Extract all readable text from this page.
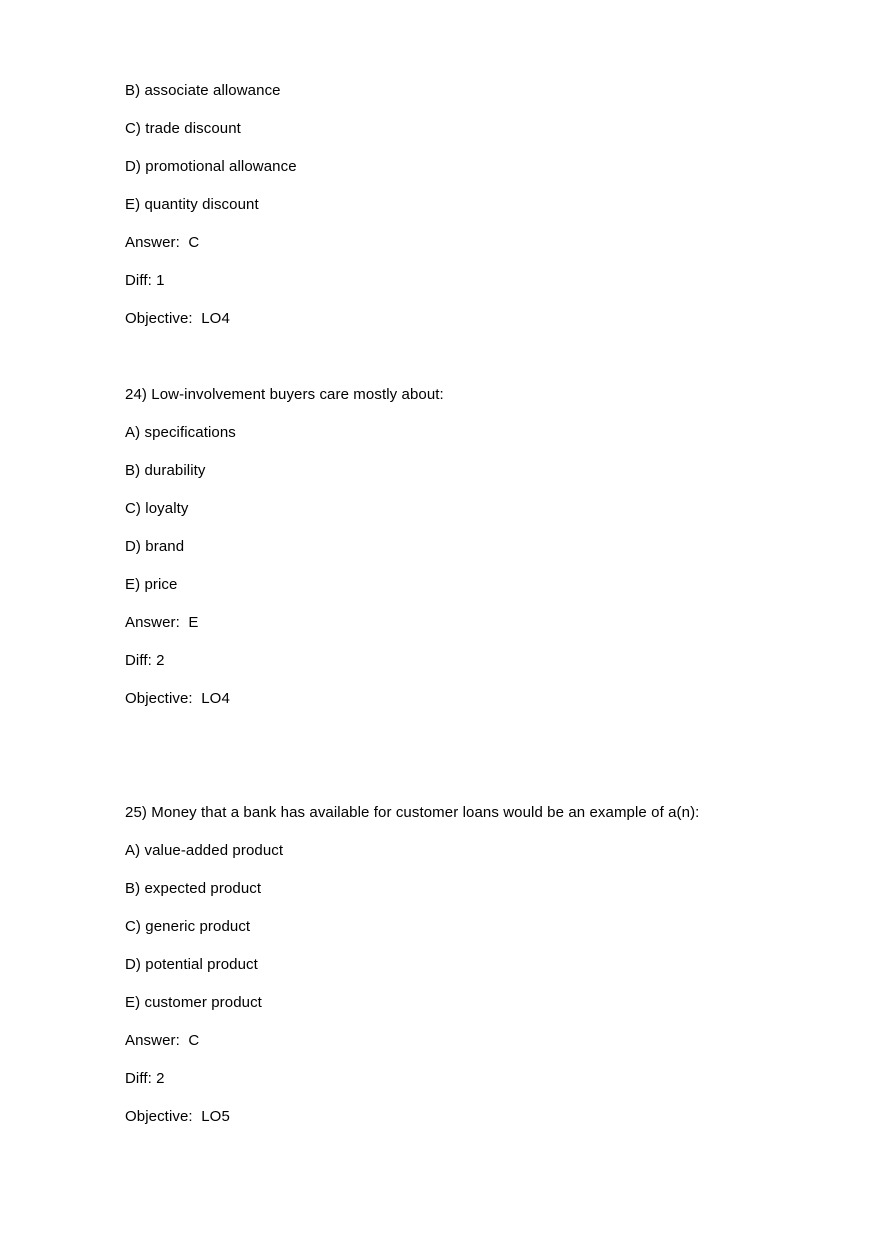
B) associate allowance

C) trade discount

D) promotional allowance

E) quantity discount

Answer:  C

Diff: 1

Objective:  LO4

24) Low-involvement buyers care mostly about:

A) specifications

B) durability

C) loyalty

D) brand

E) price

Answer:  E

Diff: 2

Objective:  LO4

25) Money that a bank has available for customer loans would be an example of a(n):

A) value-added product

B) expected product

C) generic product

D) potential product

E) customer product

Answer:  C

Diff: 2

Objective:  LO5
